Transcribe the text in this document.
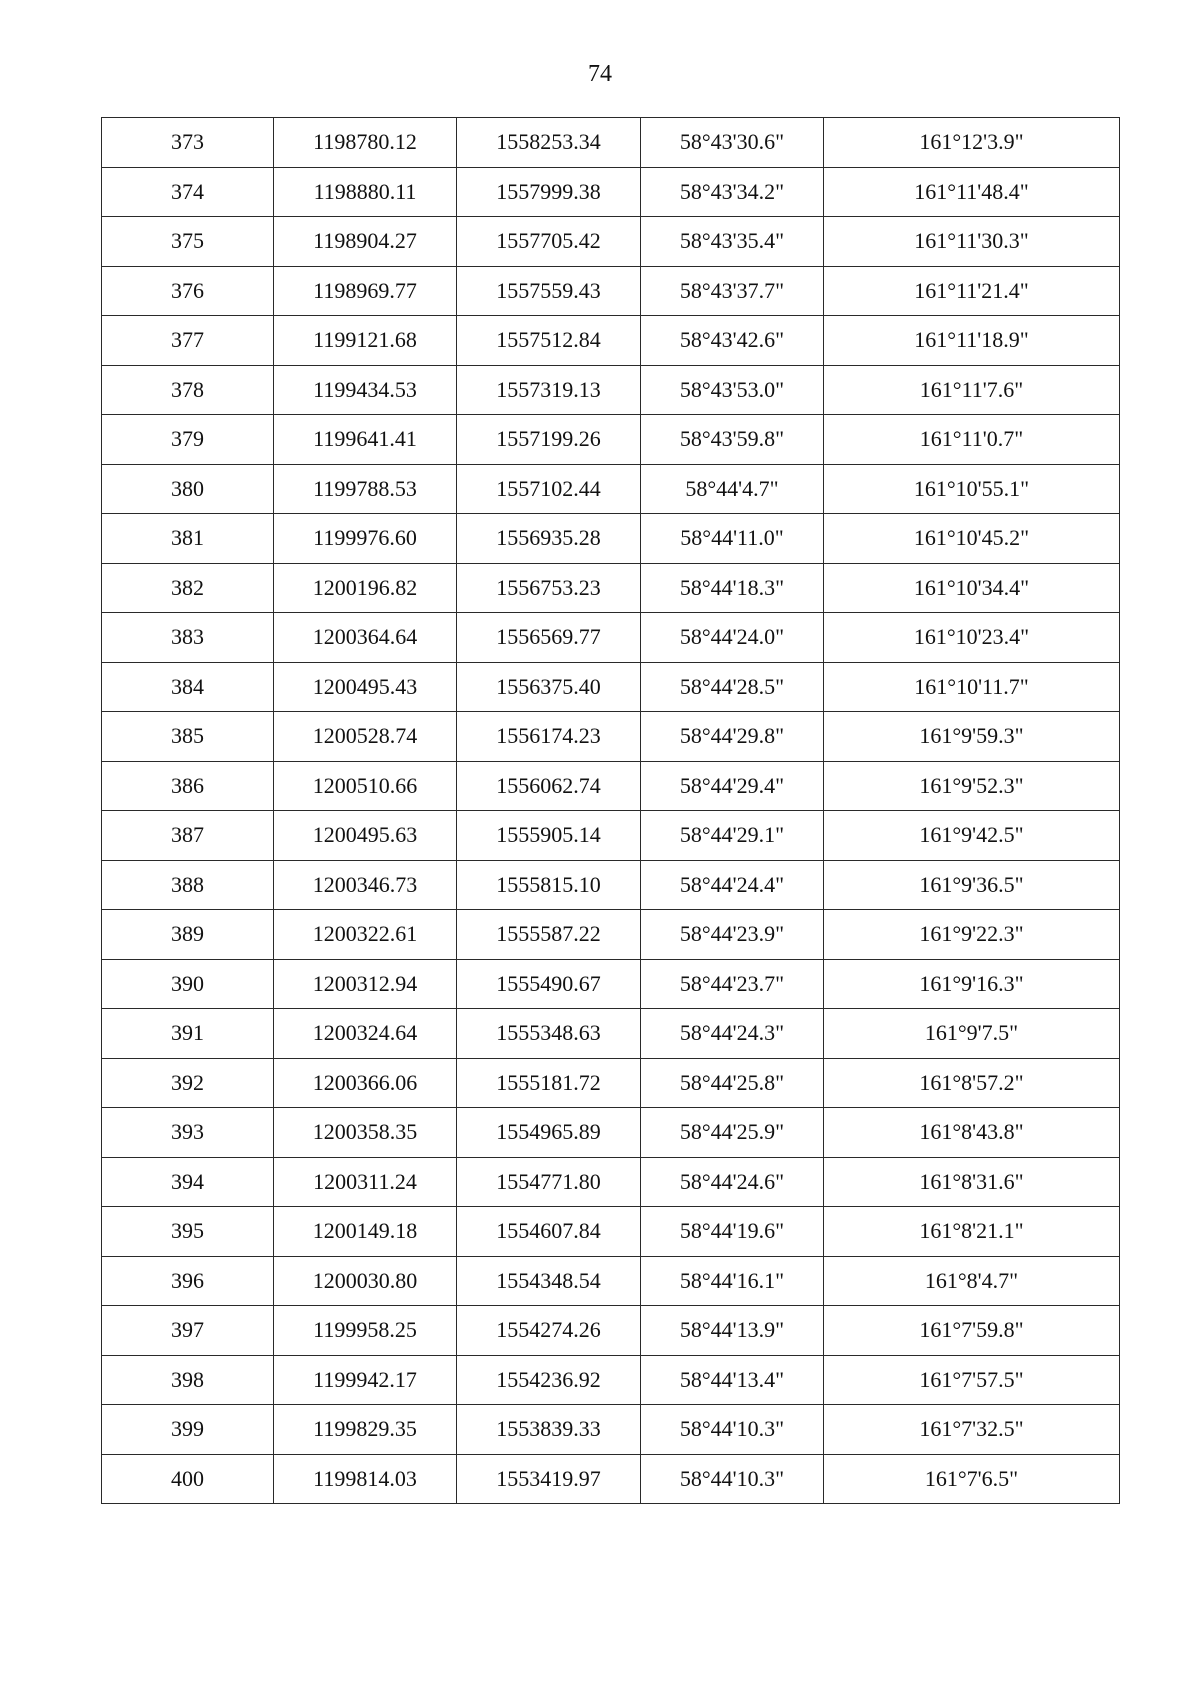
74
373	1198780.12	1558253.34	58°43'30.6"	161°12'3.9"
374	1198880.11	1557999.38	58°43'34.2"	161°11'48.4"
375	1198904.27	1557705.42	58°43'35.4"	161°11'30.3"
376	1198969.77	1557559.43	58°43'37.7"	161°11'21.4"
377	1199121.68	1557512.84	58°43'42.6"	161°11'18.9"
378	1199434.53	1557319.13	58°43'53.0"	161°11'7.6"
379	1199641.41	1557199.26	58°43'59.8"	161°11'0.7"
380	1199788.53	1557102.44	58°44'4.7"	161°10'55.1"
381	1199976.60	1556935.28	58°44'11.0"	161°10'45.2"
382	1200196.82	1556753.23	58°44'18.3"	161°10'34.4"
383	1200364.64	1556569.77	58°44'24.0"	161°10'23.4"
384	1200495.43	1556375.40	58°44'28.5"	161°10'11.7"
385	1200528.74	1556174.23	58°44'29.8"	161°9'59.3"
386	1200510.66	1556062.74	58°44'29.4"	161°9'52.3"
387	1200495.63	1555905.14	58°44'29.1"	161°9'42.5"
388	1200346.73	1555815.10	58°44'24.4"	161°9'36.5"
389	1200322.61	1555587.22	58°44'23.9"	161°9'22.3"
390	1200312.94	1555490.67	58°44'23.7"	161°9'16.3"
391	1200324.64	1555348.63	58°44'24.3"	161°9'7.5"
392	1200366.06	1555181.72	58°44'25.8"	161°8'57.2"
393	1200358.35	1554965.89	58°44'25.9"	161°8'43.8"
394	1200311.24	1554771.80	58°44'24.6"	161°8'31.6"
395	1200149.18	1554607.84	58°44'19.6"	161°8'21.1"
396	1200030.80	1554348.54	58°44'16.1"	161°8'4.7"
397	1199958.25	1554274.26	58°44'13.9"	161°7'59.8"
398	1199942.17	1554236.92	58°44'13.4"	161°7'57.5"
399	1199829.35	1553839.33	58°44'10.3"	161°7'32.5"
400	1199814.03	1553419.97	58°44'10.3"	161°7'6.5"
